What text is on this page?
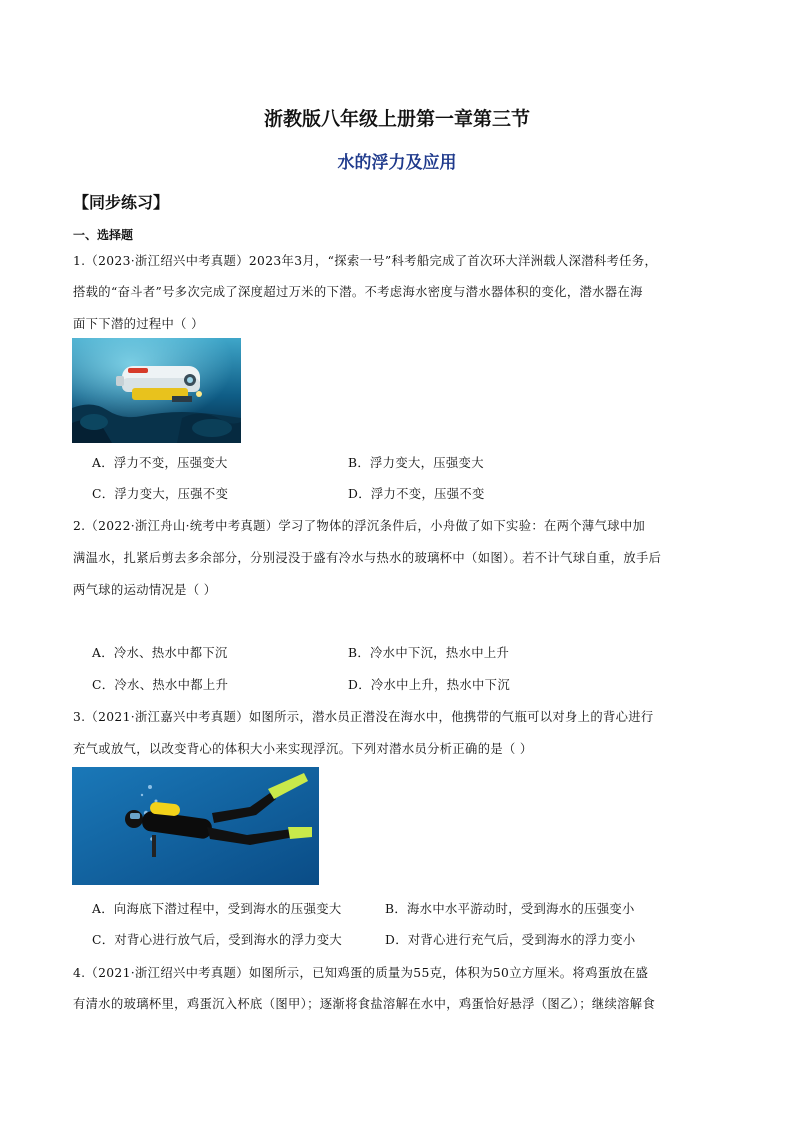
浙教版八年级上册第一章第三节
水的浮力及应用
【同步练习】
一、选择题
1.（2023·浙江绍兴中考真题）2023年3月，“探索一号”科考船完成了首次环大洋洲载人深潜科考任务，
搭载的“奋斗者”号多次完成了深度超过万米的下潜。不考虑海水密度与潜水器体积的变化，潜水器在海
面下下潜的过程中（ ）
A．浮力不变，压强变大	B．浮力变大，压强变大
C．浮力变大，压强不变	D．浮力不变，压强不变
2.（2022·浙江舟山·统考中考真题）学习了物体的浮沉条件后，小舟做了如下实验：在两个薄气球中加
满温水，扎紧后剪去多余部分，分别浸没于盛有冷水与热水的玻璃杯中（如图）。若不计气球自重，放手后
两气球的运动情况是（ ）
A．冷水、热水中都下沉	B．冷水中下沉，热水中上升
C．冷水、热水中都上升	D．冷水中上升，热水中下沉
3.（2021·浙江嘉兴中考真题）如图所示，潜水员正潜没在海水中，他携带的气瓶可以对身上的背心进行
充气或放气，以改变背心的体积大小来实现浮沉。下列对潜水员分析正确的是（ ）
A．向海底下潜过程中，受到海水的压强变大	B．海水中水平游动时，受到海水的压强变小
C．对背心进行放气后，受到海水的浮力变大	D．对背心进行充气后，受到海水的浮力变小
4.（2021·浙江绍兴中考真题）如图所示，已知鸡蛋的质量为55克，体积为50立方厘米。将鸡蛋放在盛
有清水的玻璃杯里，鸡蛋沉入杯底（图甲）；逐渐将食盐溶解在水中，鸡蛋恰好悬浮（图乙）；继续溶解食
